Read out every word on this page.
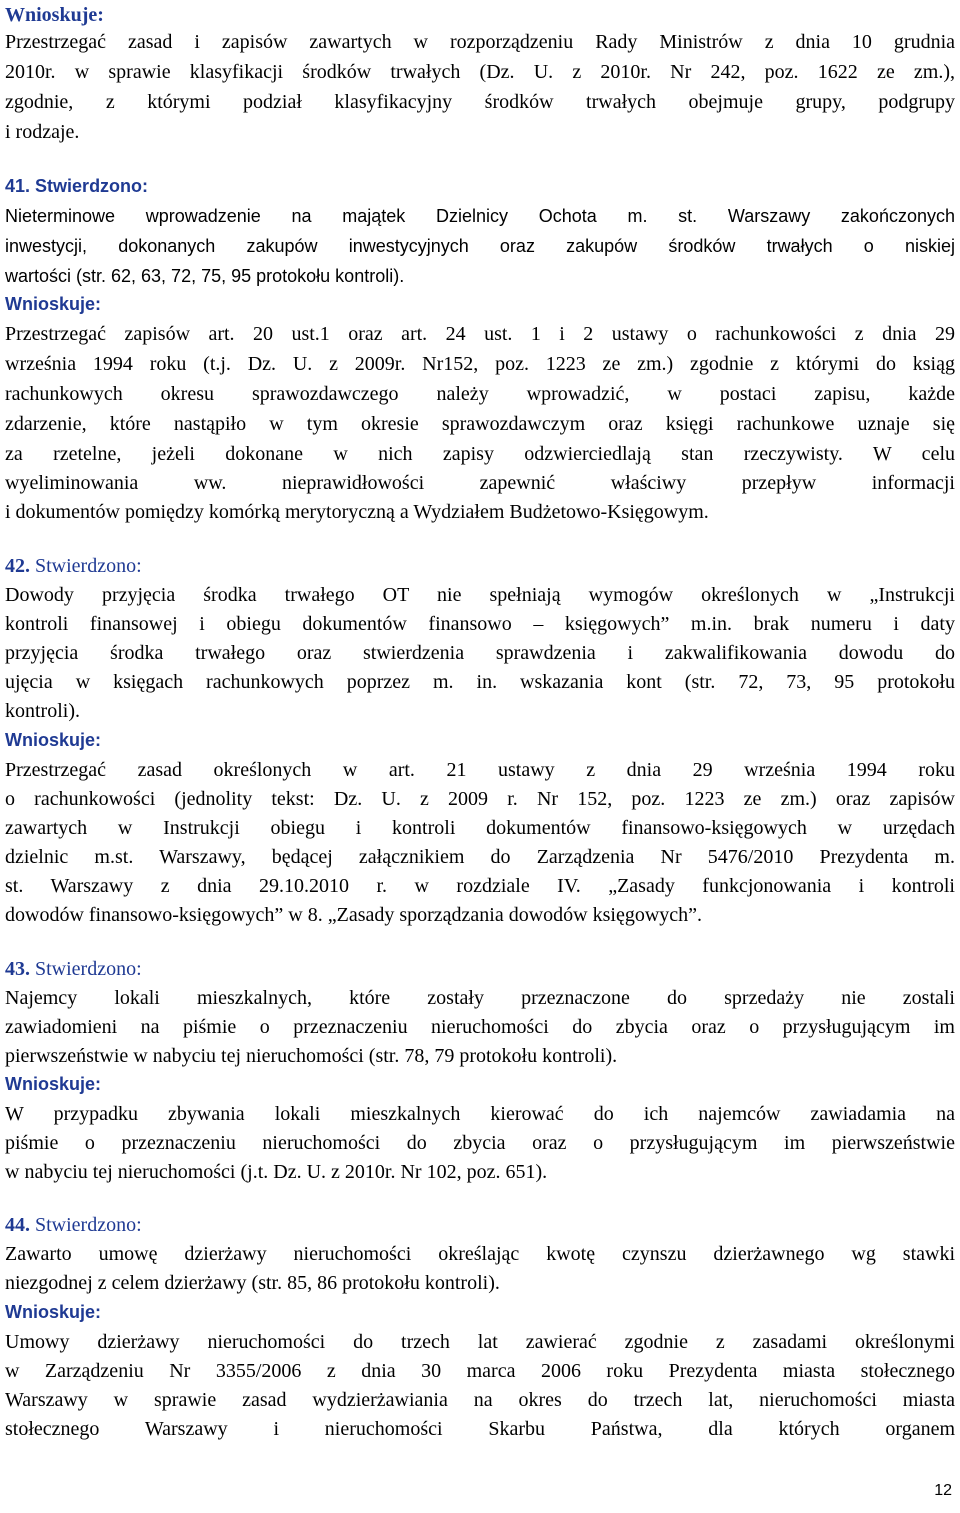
Wnioskuje:
Przestrzegać zasad i zapisów zawartych w rozporządzeniu Rady Ministrów z dnia 10 grudnia
2010r. w sprawie klasyfikacji środków trwałych (Dz. U. z 2010r. Nr 242, poz. 1622 ze zm.),
zgodnie, z którymi podział klasyfikacyjny środków trwałych obejmuje grupy, podgrupy
i rodzaje.
41. Stwierdzono:
Nieterminowe wprowadzenie na majątek Dzielnicy Ochota m. st. Warszawy zakończonych
inwestycji, dokonanych zakupów inwestycyjnych oraz zakupów środków trwałych o niskiej
wartości (str. 62, 63, 72, 75, 95 protokołu kontroli).
Wnioskuje:
Przestrzegać zapisów art. 20 ust.1 oraz art. 24 ust. 1 i 2 ustawy o rachunkowości z dnia 29
września 1994 roku (t.j. Dz. U. z 2009r. Nr152, poz. 1223 ze zm.) zgodnie z którymi do ksiąg
rachunkowych okresu sprawozdawczego należy wprowadzić, w postaci zapisu, każde
zdarzenie, które nastąpiło w tym okresie sprawozdawczym oraz księgi rachunkowe uznaje się
za rzetelne, jeżeli dokonane w nich zapisy odzwierciedlają stan rzeczywisty. W celu
wyeliminowania ww. nieprawidłowości zapewnić właściwy przepływ informacji
i dokumentów pomiędzy komórką merytoryczną a Wydziałem Budżetowo-Księgowym.
42. Stwierdzono:
Dowody przyjęcia środka trwałego OT nie spełniają wymogów określonych w „Instrukcji
kontroli finansowej i obiegu dokumentów finansowo – księgowych” m.in. brak numeru i daty
przyjęcia środka trwałego oraz stwierdzenia sprawdzenia i zakwalifikowania dowodu do
ujęcia w księgach rachunkowych poprzez m. in. wskazania kont (str. 72, 73, 95 protokołu
kontroli).
Wnioskuje:
Przestrzegać zasad określonych w art. 21 ustawy z dnia 29 września 1994 roku
o rachunkowości (jednolity tekst: Dz. U. z 2009 r. Nr 152, poz. 1223 ze zm.) oraz zapisów
zawartych w Instrukcji obiegu i kontroli dokumentów finansowo-księgowych w urzędach
dzielnic m.st. Warszawy, będącej załącznikiem do Zarządzenia Nr 5476/2010 Prezydenta m.
st. Warszawy z dnia 29.10.2010 r. w rozdziale IV. „Zasady funkcjonowania i kontroli
dowodów finansowo-księgowych” w 8. „Zasady sporządzania dowodów księgowych”.
43. Stwierdzono:
Najemcy lokali mieszkalnych, które zostały przeznaczone do sprzedaży nie zostali
zawiadomieni na piśmie o przeznaczeniu nieruchomości do zbycia oraz o przysługującym im
pierwszeństwie w nabyciu tej nieruchomości (str. 78, 79 protokołu kontroli).
Wnioskuje:
W przypadku zbywania lokali mieszkalnych kierować do ich najemców zawiadamia na
piśmie o przeznaczeniu nieruchomości do zbycia oraz o przysługującym im pierwszeństwie
w nabyciu tej nieruchomości (j.t. Dz. U. z 2010r. Nr 102, poz. 651).
44. Stwierdzono:
Zawarto umowę dzierżawy nieruchomości określając kwotę czynszu dzierżawnego wg stawki
niezgodnej z celem dzierżawy (str. 85, 86 protokołu kontroli).
Wnioskuje:
Umowy dzierżawy nieruchomości do trzech lat zawierać zgodnie z zasadami określonymi
w Zarządzeniu Nr 3355/2006 z dnia 30 marca 2006 roku Prezydenta miasta stołecznego
Warszawy w sprawie zasad wydzierżawiania na okres do trzech lat, nieruchomości miasta
stołecznego Warszawy i nieruchomości Skarbu Państwa, dla których organem
12
